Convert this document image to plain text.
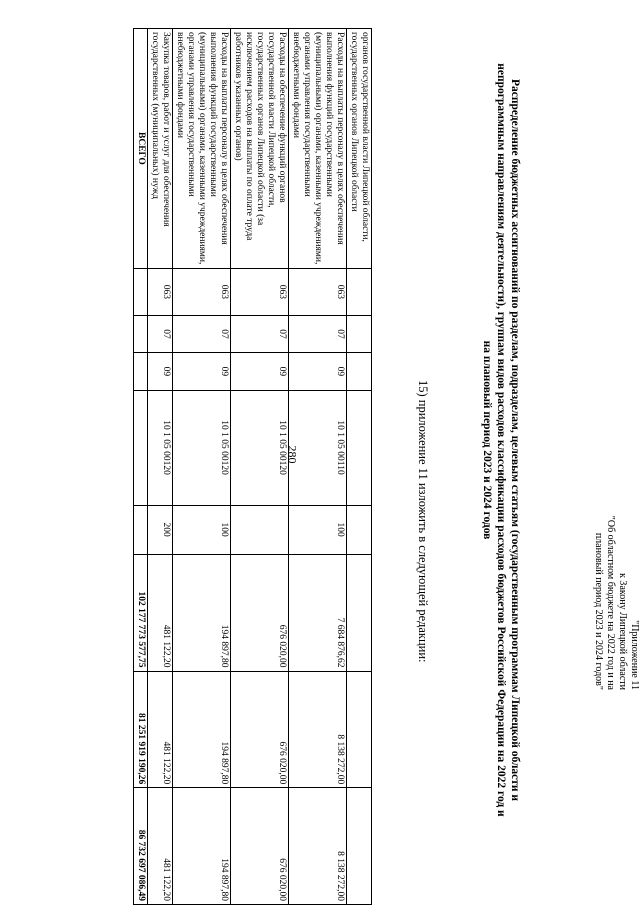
280
органов государственной власти Липецкой области, государственных органов Липецкой области								
Расходы на выплаты персоналу в целях обеспечения выполнения функций государственными (муниципальными) органами, казенными учреждениями, органами управления государственными внебюджетными фондами	063	07	09	10 1 05 00110	100	7 684 876,62	8 138 272,00	8 138 272,00
Расходы на обеспечение функций органов государственной власти Липецкой области, государственных органов Липецкой области (за исключением расходов на выплаты по оплате труда работников указанных органов)	063	07	09	10 1 05 00120		676 020,00	676 020,00	676 020,00
Расходы на выплаты персоналу в целях обеспечения выполнения функций государственными (муниципальными) органами, казенными учреждениями, органами управления государственными внебюджетными фондами	063	07	09	10 1 05 00120	100	194 897,80	194 897,80	194 897,80
Закупка товаров, работ и услуг для обеспечения государственных (муниципальных) нужд	063	07	09	10 1 05 00120	200	481 122,20	481 122,20	481 122,20
ВСЕГО						102 177 773 577,75	81 251 919 190,26	86 732 697 086,49
15) приложение 11 изложить в следующей редакции:	"Приложение 11
к Закону Липецкой области
"Об областном бюджете на 2022 год и на
плановый период 2023 и 2024 годов"
Распределение бюджетных ассигнований по разделам, подразделам, целевым статьям (государственным программам Липецкой области и непрограммным направлениям деятельности), группам видов расходов классификации расходов бюджетов Российской Федерации на 2022 год и на плановый период 2023 и 2024 годов
